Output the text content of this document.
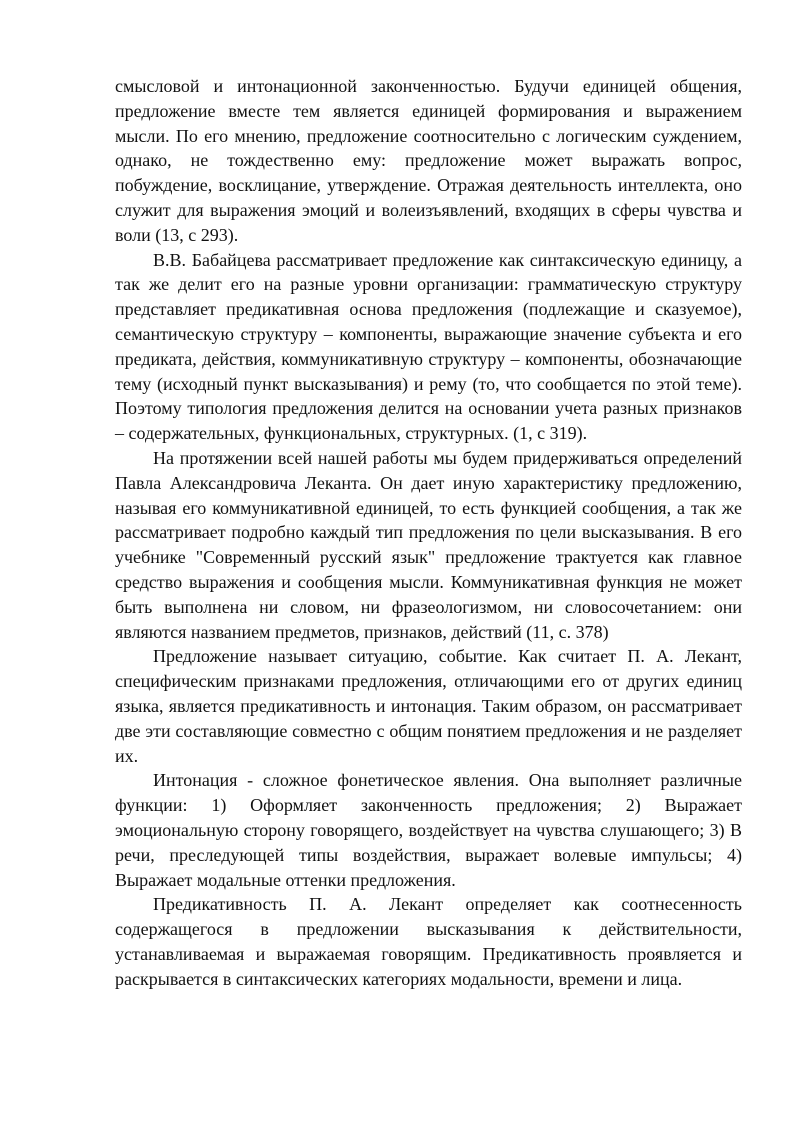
смысловой и интонационной законченностью. Будучи единицей общения, предложение вместе тем является единицей формирования и выражением мысли. По его мнению, предложение соотносительно с логическим суждением, однако, не тождественно ему: предложение может выражать вопрос, побуждение, восклицание, утверждение. Отражая деятельность интеллекта, оно служит для выражения эмоций и волеизъявлений, входящих в сферы чувства и воли (13, с 293).

В.В. Бабайцева рассматривает предложение как синтаксическую единицу, а так же делит его на разные уровни организации: грамматическую структуру представляет предикативная основа предложения (подлежащие и сказуемое), семантическую структуру – компоненты, выражающие значение субъекта и его предиката, действия, коммуникативную структуру – компоненты, обозначающие тему (исходный пункт высказывания) и рему (то, что сообщается по этой теме). Поэтому типология предложения делится на основании учета разных признаков – содержательных, функциональных, структурных. (1, с 319).

На протяжении всей нашей работы мы будем придерживаться определений Павла Александровича Леканта. Он дает иную характеристику предложению, называя его коммуникативной единицей, то есть функцией сообщения, а так же рассматривает подробно каждый тип предложения по цели высказывания. В его учебнике "Современный русский язык" предложение трактуется как главное средство выражения и сообщения мысли. Коммуникативная функция не может быть выполнена ни словом, ни фразеологизмом, ни словосочетанием: они являются названием предметов, признаков, действий (11, с. 378)

Предложение называет ситуацию, событие. Как считает П. А. Лекант, специфическим признаками предложения, отличающими его от других единиц языка, является предикативность и интонация. Таким образом, он рассматривает две эти составляющие совместно с общим понятием предложения и не разделяет их.

Интонация - сложное фонетическое явления. Она выполняет различные функции: 1) Оформляет законченность предложения; 2) Выражает эмоциональную сторону говорящего, воздействует на чувства слушающего; 3) В речи, преследующей типы воздействия, выражает волевые импульсы; 4) Выражает модальные оттенки предложения.

Предикативность П. А. Лекант определяет как соотнесенность содержащегося в предложении высказывания к действительности, устанавливаемая и выражаемая говорящим. Предикативность проявляется и раскрывается в синтаксических категориях модальности, времени и лица.
